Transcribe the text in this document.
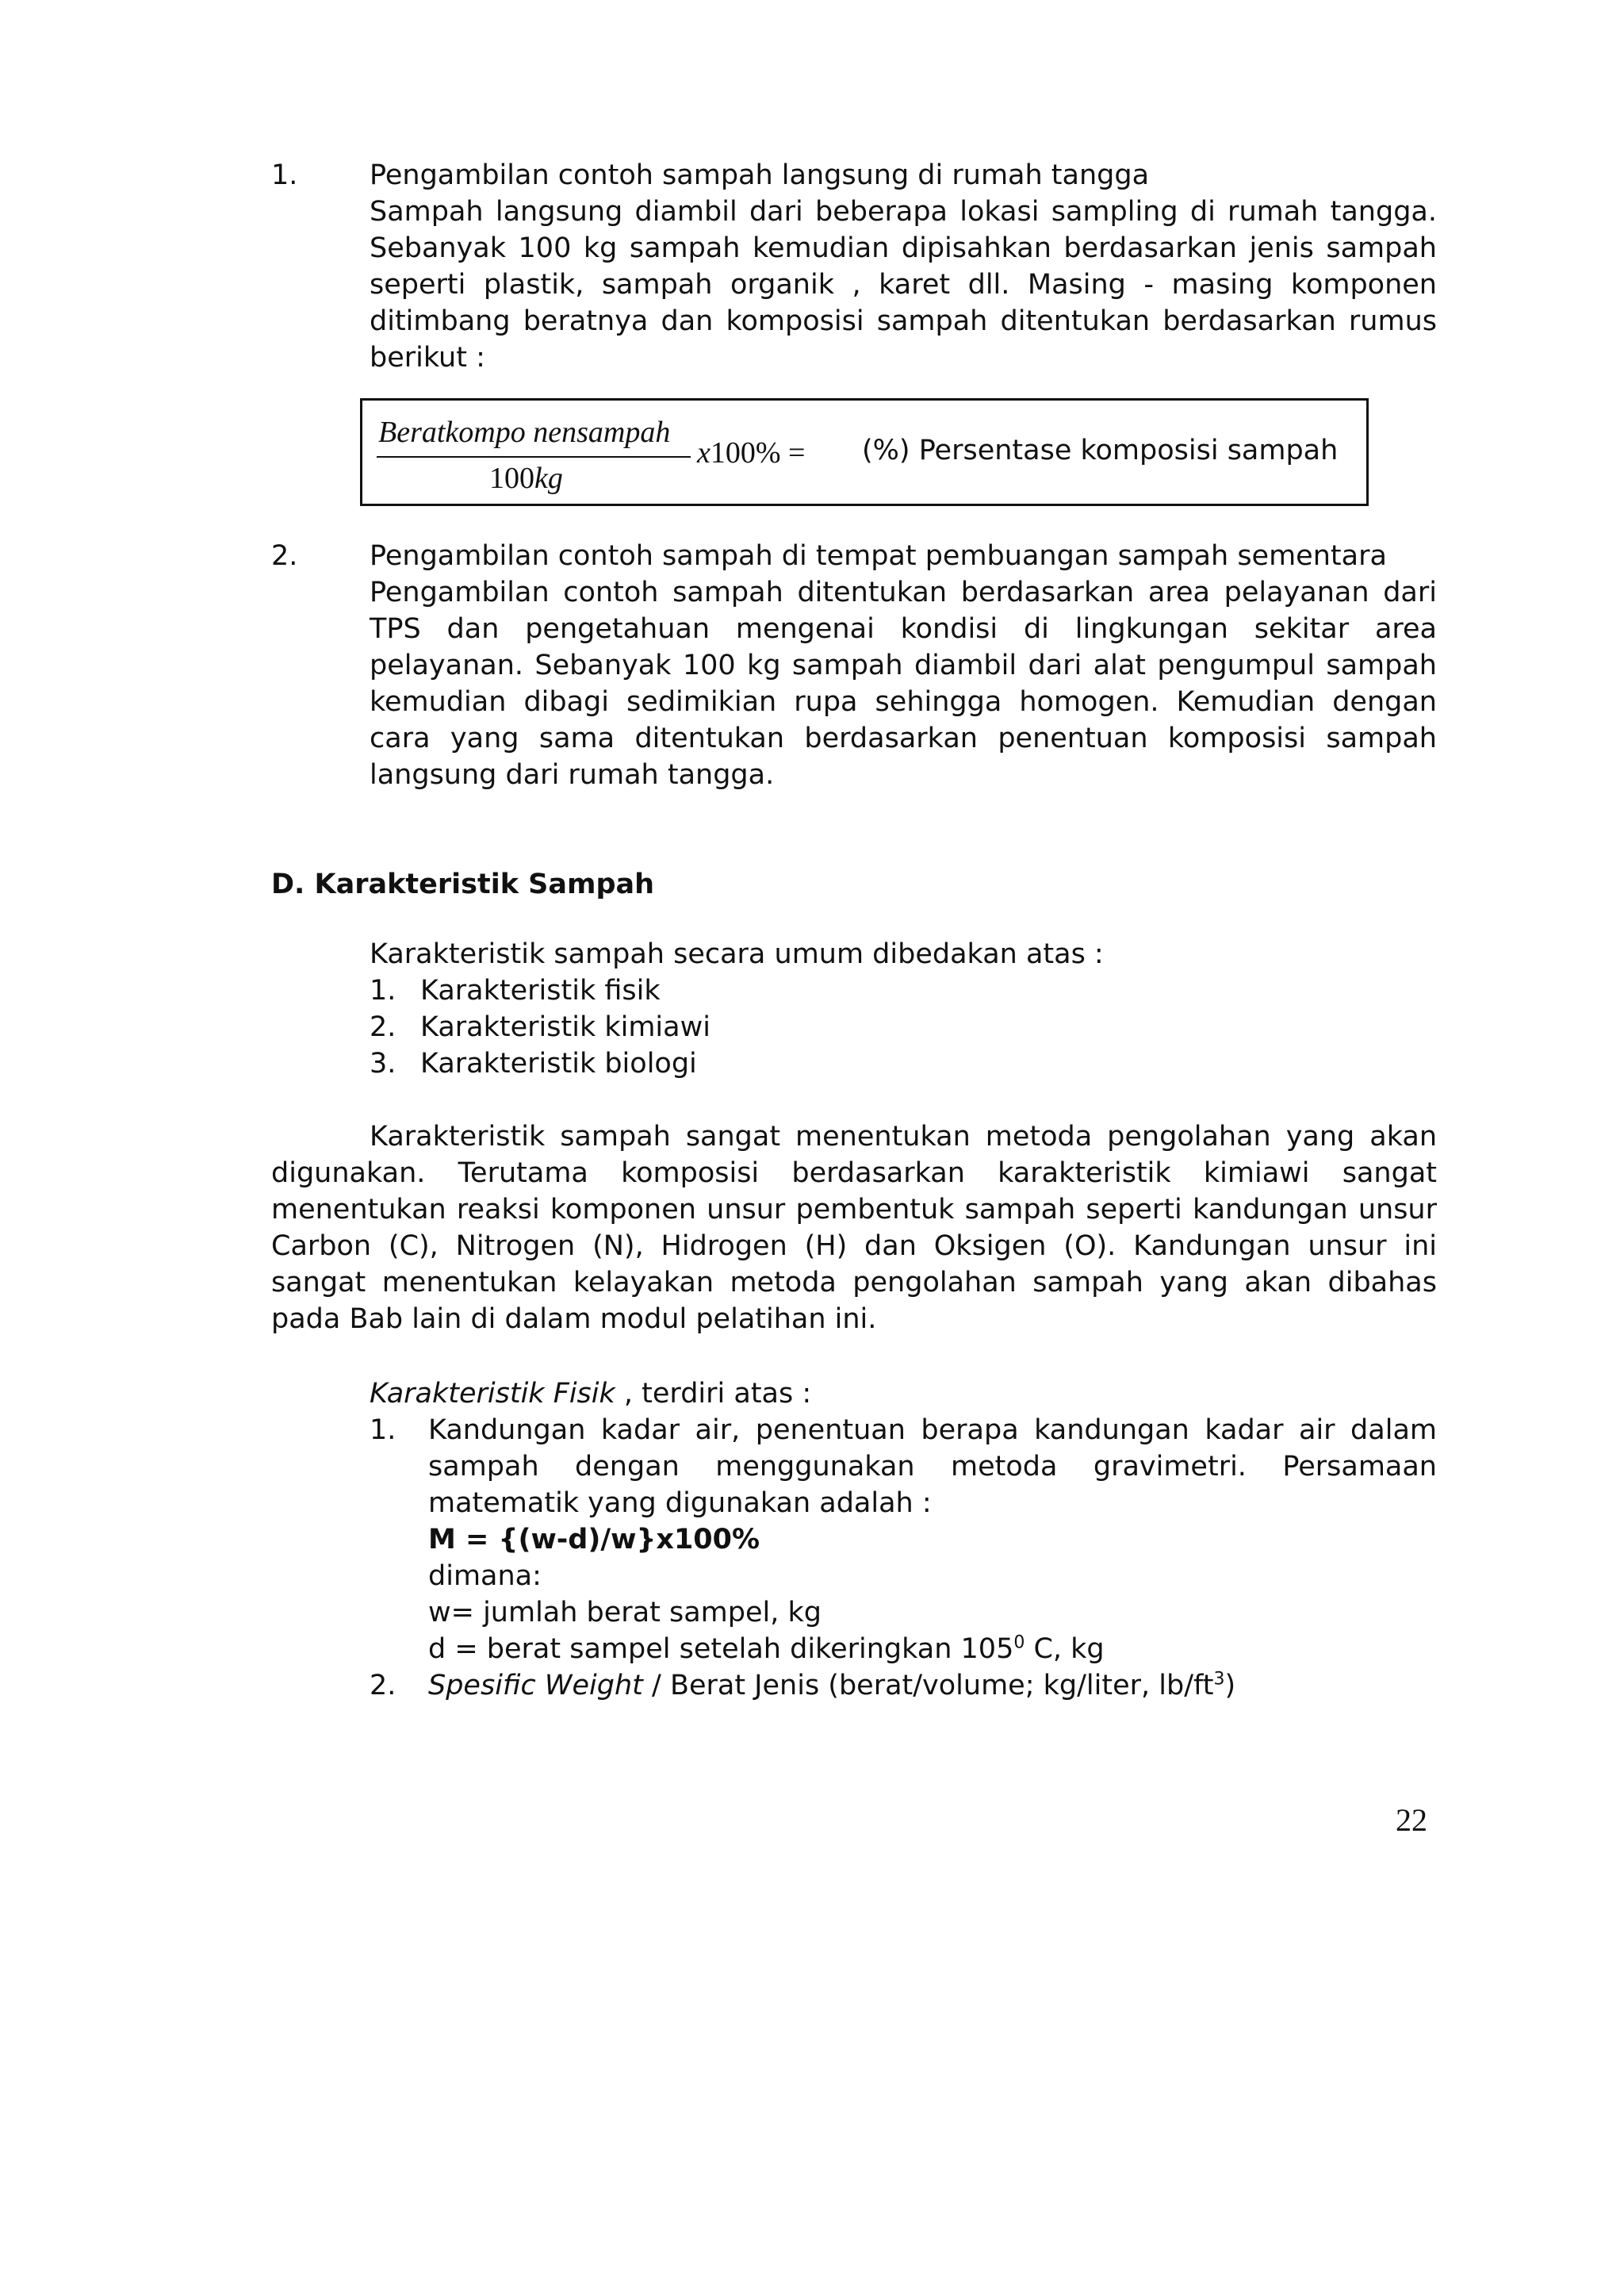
1.	Pengambilan contoh sampah langsung di rumah tangga

Sampah langsung diambil dari beberapa lokasi sampling di rumah tangga. Sebanyak 100 kg sampah kemudian dipisahkan berdasarkan jenis sampah seperti plastik, sampah organik , karet dll. Masing - masing komponen ditimbang beratnya dan komposisi sampah ditentukan berdasarkan rumus berikut :

Beratkompo nensampah
100kg
x100% = (%) Persentase komposisi sampah

2.	Pengambilan contoh sampah di tempat pembuangan sampah sementara

Pengambilan contoh sampah ditentukan berdasarkan area pelayanan dari TPS dan pengetahuan mengenai kondisi di lingkungan sekitar area pelayanan. Sebanyak 100 kg sampah diambil dari alat pengumpul sampah kemudian dibagi sedimikian rupa sehingga homogen. Kemudian dengan cara yang sama ditentukan berdasarkan penentuan komposisi sampah langsung dari rumah tangga.

D. Karakteristik Sampah

Karakteristik sampah secara umum dibedakan atas :

1. Karakteristik fisik

2. Karakteristik kimiawi

3. Karakteristik biologi

Karakteristik sampah sangat menentukan metoda pengolahan yang akan digunakan. Terutama komposisi berdasarkan karakteristik kimiawi sangat menentukan reaksi komponen unsur pembentuk sampah seperti kandungan unsur Carbon (C), Nitrogen (N), Hidrogen (H) dan Oksigen (O). Kandungan unsur ini sangat menentukan kelayakan metoda pengolahan sampah yang akan dibahas pada Bab lain di dalam modul pelatihan ini.

Karakteristik Fisik , terdiri atas :

1. Kandungan kadar air, penentuan berapa kandungan kadar air dalam sampah dengan menggunakan metoda gravimetri. Persamaan matematik yang digunakan adalah :

M = {(w-d)/w}x100%

dimana:

w= jumlah berat sampel, kg

d = berat sampel setelah dikeringkan $105^0$ C, kg

2. Spesific Weight / Berat Jenis (berat/volume; kg/liter, $lb/ft^3$)

22
